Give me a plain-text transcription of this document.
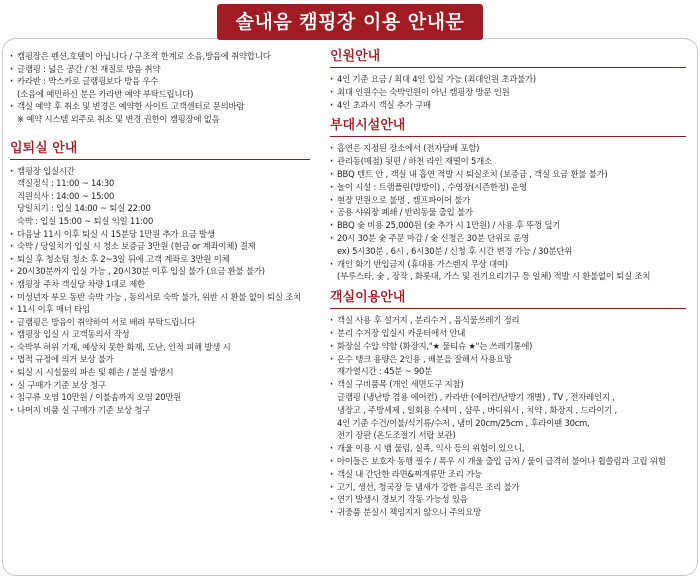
솔내음 캠핑장 이용 안내문
· 캠핑장은 펜션,호텔이 아닙니다 / 구조적 한계로 소음,방음에 취약합니다
· 글램핑 : 넓은 공간 / 천 재질로 방음 취약
· 카라반 : 박스카로 글램핑보다 방음 우수
(소음에 예민하신 분은 카라반 예약 부탁드립니다)
· 객실 예약 후 취소 및 변경은 예약한 사이트 고객센터로 문의바람
※ 예약 시스템 외주로 취소 및 변경 권한이 캠핑장에 없음
입퇴실 안내
· 캠핑장 입실시간
객실정식 : 11:00 ~ 14:30
직원식사 : 14:00 ~ 15:00
당일치기 : 입실 14:00 ~ 퇴실 22:00
숙박 : 입실 15:00 ~ 퇴실 익일 11:00
· 다음날 11시 이후 퇴실 시 15분당 1만원 추가 요금 발생
· 숙박 / 당일치기 입실 시 청소 보증금 3만원 (현금 or 계좌이체) 결제
· 퇴실 후 청소팀 청소 후 2~3일 뒤에 고객 계좌로 3만원 이체
· 20시30분까지 입실 가능 , 20시30분 이후 입실 불가 (요금 환불 불가)
· 캠핑장 주차 객실당 차량 1대로 제한
· 미성년자 부모 동반 숙박 가능 , 동의서로 숙박 불가, 위반 시 환불 없이 퇴실 조치
· 11시 이후 매너 타임
· 글램핑은 방음이 취약하여 서로 배려 부탁드립니다
· 캠핑장 입실 시 고객동의서 작성
· 숙박부 허위 기재, 예상치 못한 화재, 도난, 인적 피해 발생 시
· 법적 규정에 의거 보상 불가
· 퇴실 시 시설물의 파손 및 훼손 / 분실 발생시
· 실 구매가 기준 보상 청구
· 침구류 오염 10만원 / 이불솜까지 오염 20만원
· 나머지 비품 실 구매가 기준 보상 청구
인원안내
· 4인 기준 요금 / 최대 4인 입실 가능 (최대인원 초과불가)
· 최대 인원수는 숙박인원이 아닌 캠핑장 방문 인원
· 4인 초과시 객실 추가 구매
부대시설안내
· 흡연은 지정된 장소에서 (전자담배 포함)
· 관리동(매점) 뒷편 / 하천 라인 재떨이 5개소
· BBQ 텐트 안 , 객실 내 흡연 적발 시 퇴실조치 (보증금 , 객실 요금 환불 불가)
· 놀이 시설 : 트램폴린(방방이) , 수영장(시즌한정) 운영
· 현장 민원으로 불멍 , 캠프파이어 불가
· 공용 샤워장 폐쇄 / 반려동물 출입 불가
· BBQ 숯 비용 25,000원 (숯 추가 시 1만원) / 사용 후 뚜껑 덮기
· 20시 30분 숯 주문 마감 / 숯 신청은 30분 단위로 운영
ex) 5시30분 , 6시 , 6시30분 / 신청 후 시간 변경 가능 / 30분단위
· 개인 화기 반입금지 (휴대용 가스렌지 무상 대여)
(부루스타, 숯 , 장작 , 화롯대, 가스 및 전기요리기구 등 일체) 적발 시 환불없이 퇴실 조치
객실이용안내
· 객실 사용 후 설거지 , 분리수거 , 음식물쓰레기 정리
· 분리 수거장 입실시 카운터에서 안내
· 화장실 수압 약함 (화장지,"★ 물티슈 ★"는 쓰레기통에)
· 온수 탱크 용량은 2인용 , 배분을 잘해서 사용요망
재가열시간 : 45분 ~ 90분
· 객실 구비품목 (개인 세면도구 지참)
글램핑 (냉난방 겸용 에어컨) , 카라반 (에어컨/난방기 개별) , TV , 전자레인지 ,
냉장고 , 주방세제 , 일회용 수세미 , 샴푸 , 바디워시 , 치약 , 화장지 , 드라이기 ,
4인 기준 수건/이불/식기류/수저 , 냄비 20cm/25cm , 후라이팬 30cm,
전기 장판 (온도조절기 서랍 보관)
· 개울 이용 시 뱀 물림, 실족, 익사 등의 위험이 있으니,
· 아이들은 보호자 동행 필수 / 폭우 시 개울 출입 금지 / 물이 급격히 불어나 휩쓸림과 고립 위험
· 객실 내 간단한 라면&찌개류만 조리 가능
· 고기, 생선, 청국장 등 냄새가 강한 음식은 조리 불가
· 연기 발생시 경보기 작동 가능성 있음
· 귀중품 분실시 책임지지 않으니 주의요망
